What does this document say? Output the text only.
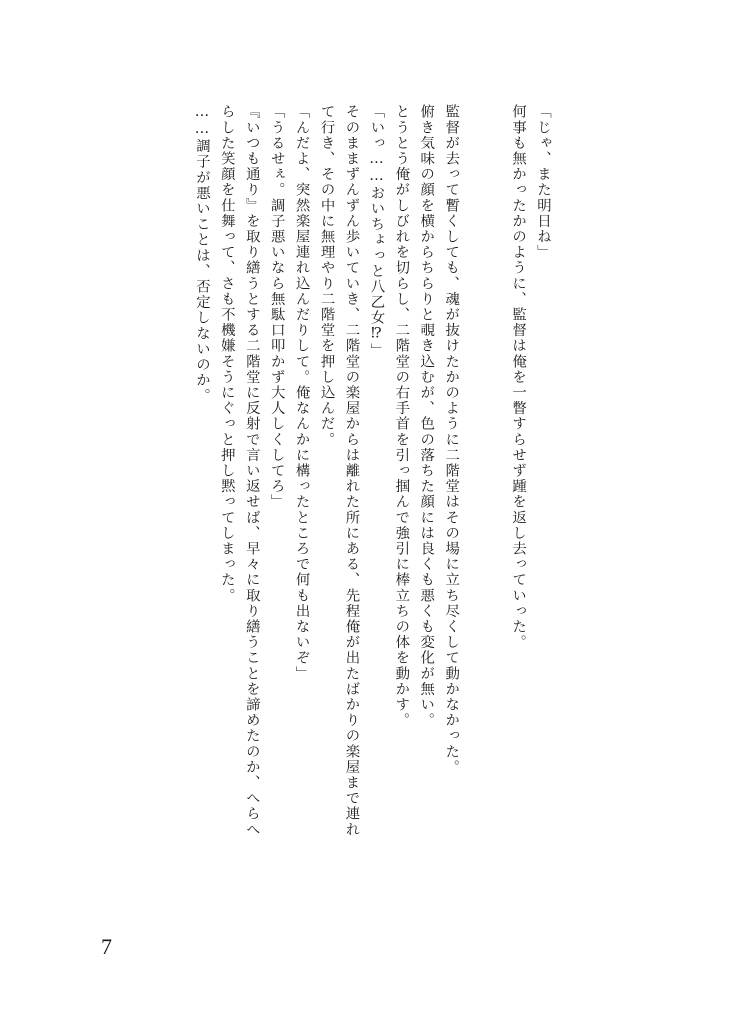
「じゃ、また明日ね」
何事も無かったかのように、監督は俺を一瞥すらせず踵を返し去っていった。
監督が去って暫くしても、魂が抜けたかのように二階堂はその場に立ち尽くして動かなかった。
俯き気味の顔を横からちらりと覗き込むが、色の落ちた顔には良くも悪くも変化が無い。
とうとう俺がしびれを切らし、二階堂の右手首を引っ掴んで強引に棒立ちの体を動かす。
「いっ……おいちょっと八乙女⁉」
そのままずんずん歩いていき、二階堂の楽屋からは離れた所にある、先程俺が出たばかりの楽屋まで連れ
て行き、その中に無理やり二階堂を押し込んだ。
「んだよ、突然楽屋連れ込んだりして。俺なんかに構ったところで何も出ないぞ」
「うるせぇ。調子悪いなら無駄口叩かず大人しくしてろ」
『いつも通り』を取り繕うとする二階堂に反射で言い返せば、早々に取り繕うことを諦めたのか、へらへ
らした笑顔を仕舞って、さも不機嫌そうにぐっと押し黙ってしまった。
……調子が悪いことは、否定しないのか。
7
